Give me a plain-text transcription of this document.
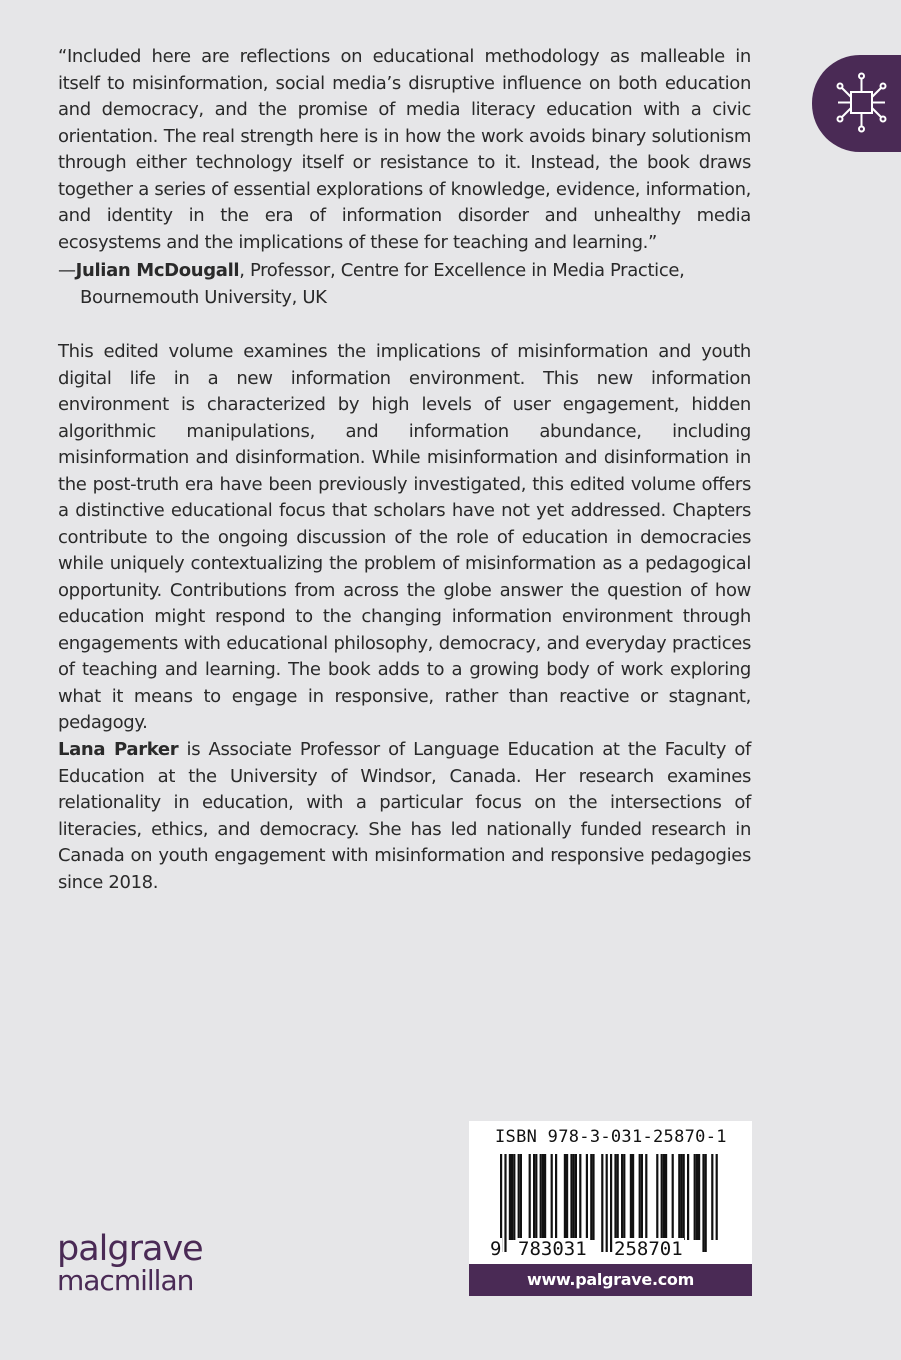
“Included here are reflections on educational methodology as malleable in itself to misinformation, social media’s disruptive influence on both education and democracy, and the promise of media literacy education with a civic orientation. The real strength here is in how the work avoids binary solutionism through either technology itself or resistance to it. Instead, the book draws together a series of essential explorations of knowledge, evidence, information, and identity in the era of information disorder and unhealthy media ecosystems and the implications of these for teaching and learning.”

—Julian McDougall, Professor, Centre for Excellence in Media Practice,
Bournemouth University, UK

This edited volume examines the implications of misinformation and youth digital life in a new information environment. This new information environment is characterized by high levels of user engagement, hidden algorithmic manipulations, and information abundance, including misinformation and disinformation. While misinformation and disinformation in the post-truth era have been previously investigated, this edited volume offers a distinctive educational focus that scholars have not yet addressed. Chapters contribute to the ongoing discussion of the role of education in democracies while uniquely contextualizing the problem of misinformation as a pedagogical opportunity. Contributions from across the globe answer the question of how education might respond to the changing information environment through engagements with educational philosophy, democracy, and everyday practices of teaching and learning. The book adds to a growing body of work exploring what it means to engage in responsive, rather than reactive or stagnant, pedagogy.

Lana Parker is Associate Professor of Language Education at the Faculty of Education at the University of Windsor, Canada. Her research examines relationality in education, with a particular focus on the intersections of literacies, ethics, and democracy. She has led nationally funded research in Canada on youth engagement with misinformation and responsive pedagogies since 2018.

palgrave
macmillan
ISBN 978-3-031-25870-1
9 783031 258701
www.palgrave.com
